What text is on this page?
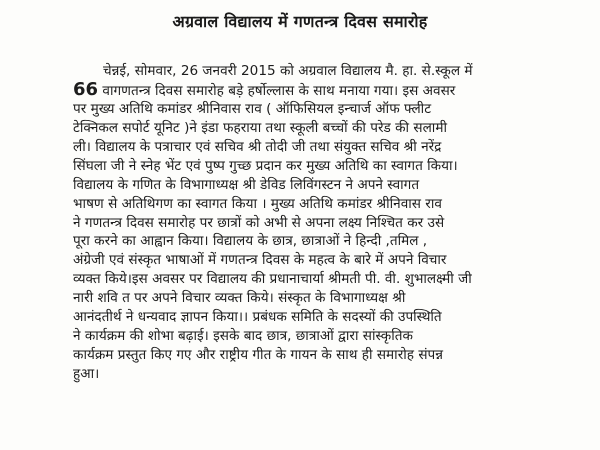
अग्रवाल विद्यालय में गणतन्त्र दिवस समारोह
चेन्नई, सोमवार, 26 जनवरी 2015 को अग्रवाल विद्यालय मै. हा. से.स्कूल में
66 वागणतन्त्र दिवस समारोह बड़े हर्षोल्लास के साथ मनाया गया। इस अवसर
पर मुख्य अतिथि कमांडर श्रीनिवास राव ( ऑफिसियल इन्चार्ज ऑफ फ्लीट
टेक्निकल सपोर्ट यूनिट )ने इंडा फहराया तथा स्कूली बच्चों की परेड की सलामी
ली। विद्यालय के पत्राचार एवं सचिव श्री तोदी जी तथा संयुक्त सचिव श्री नरेंद्र
सिंघला जी ने स्नेह भेंट एवं पुष्प गुच्छ प्रदान कर मुख्य अतिथि का स्वागत किया।
विद्यालय के गणित के विभागाध्यक्ष श्री डेविड लिविंगस्टन ने अपने स्वागत
भाषण से अतिथिगण का स्वागत किया । मुख्य अतिथि कमांडर श्रीनिवास राव
ने गणतन्त्र दिवस समारोह पर छात्रों को अभी से अपना लक्ष्य निश्चित कर उसे
पूरा करने का आह्वान किया। विद्यालय के छात्र, छात्राओं ने हिन्दी ,तमिल ,
अंग्रेजी एवं संस्कृत भाषाओं में गणतन्त्र दिवस के महत्व के बारे में अपने विचार
व्यक्त किये।इस अवसर पर विद्यालय की प्रधानाचार्या श्रीमती पी. वी. शुभालक्ष्मी जी
नारी शवि त पर अपने विचार व्यक्त किये। संस्कृत के विभागाध्यक्ष श्री
आनंदतीर्थ ने धन्यवाद ज्ञापन किया।। प्रबंधक समिति के सदस्यों की उपस्थिति
ने कार्यक्रम की शोभा बढ़ाई। इसके बाद छात्र, छात्राओं द्वारा सांस्कृतिक
कार्यक्रम प्रस्तुत किए गए और राष्ट्रीय गीत के गायन के साथ ही समारोह संपन्न
हुआ।
